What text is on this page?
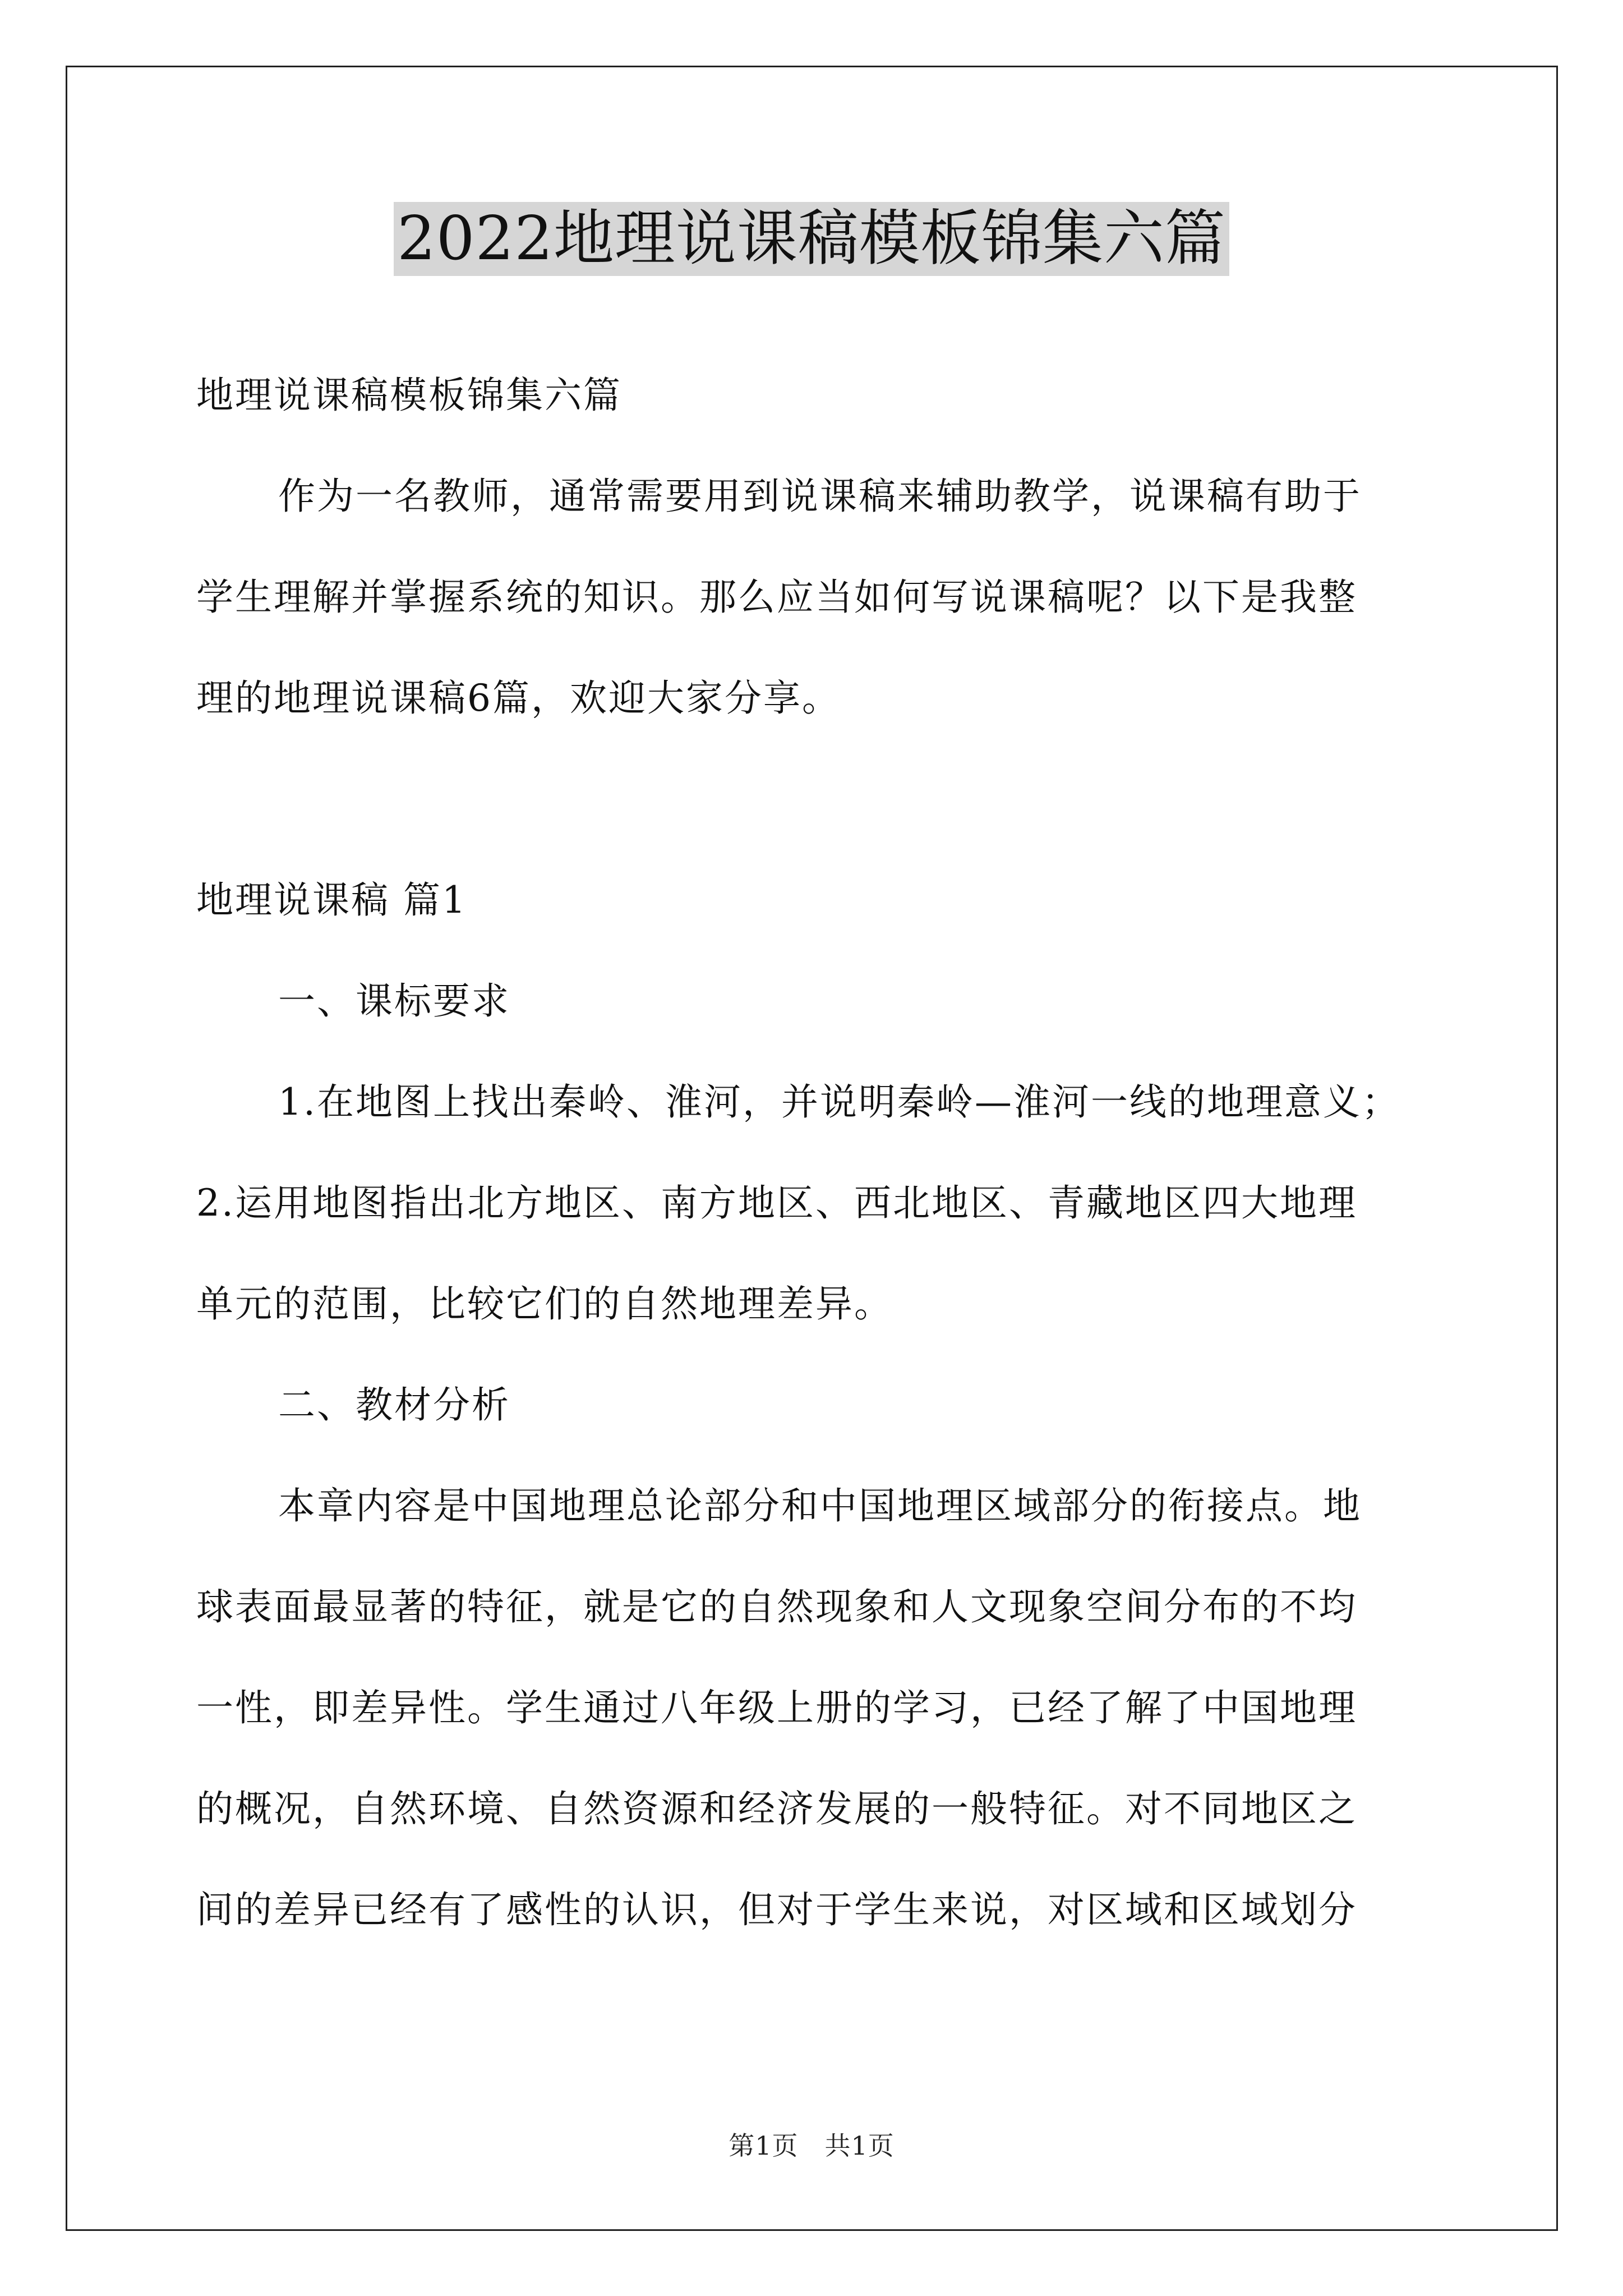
2022地理说课稿模板锦集六篇

地理说课稿模板锦集六篇

作为一名教师，通常需要用到说课稿来辅助教学，说课稿有助于

学生理解并掌握系统的知识。那么应当如何写说课稿呢？以下是我整

理的地理说课稿6篇，欢迎大家分享。

地理说课稿 篇1

一、课标要求

1.在地图上找出秦岭、淮河，并说明秦岭—淮河一线的地理意义；

2.运用地图指出北方地区、南方地区、西北地区、青藏地区四大地理

单元的范围，比较它们的自然地理差异。

二、教材分析

本章内容是中国地理总论部分和中国地理区域部分的衔接点。地

球表面最显著的特征，就是它的自然现象和人文现象空间分布的不均

一性，即差异性。学生通过八年级上册的学习，已经了解了中国地理

的概况，自然环境、自然资源和经济发展的一般特征。对不同地区之

间的差异已经有了感性的认识，但对于学生来说，对区域和区域划分

第1页　共1页
